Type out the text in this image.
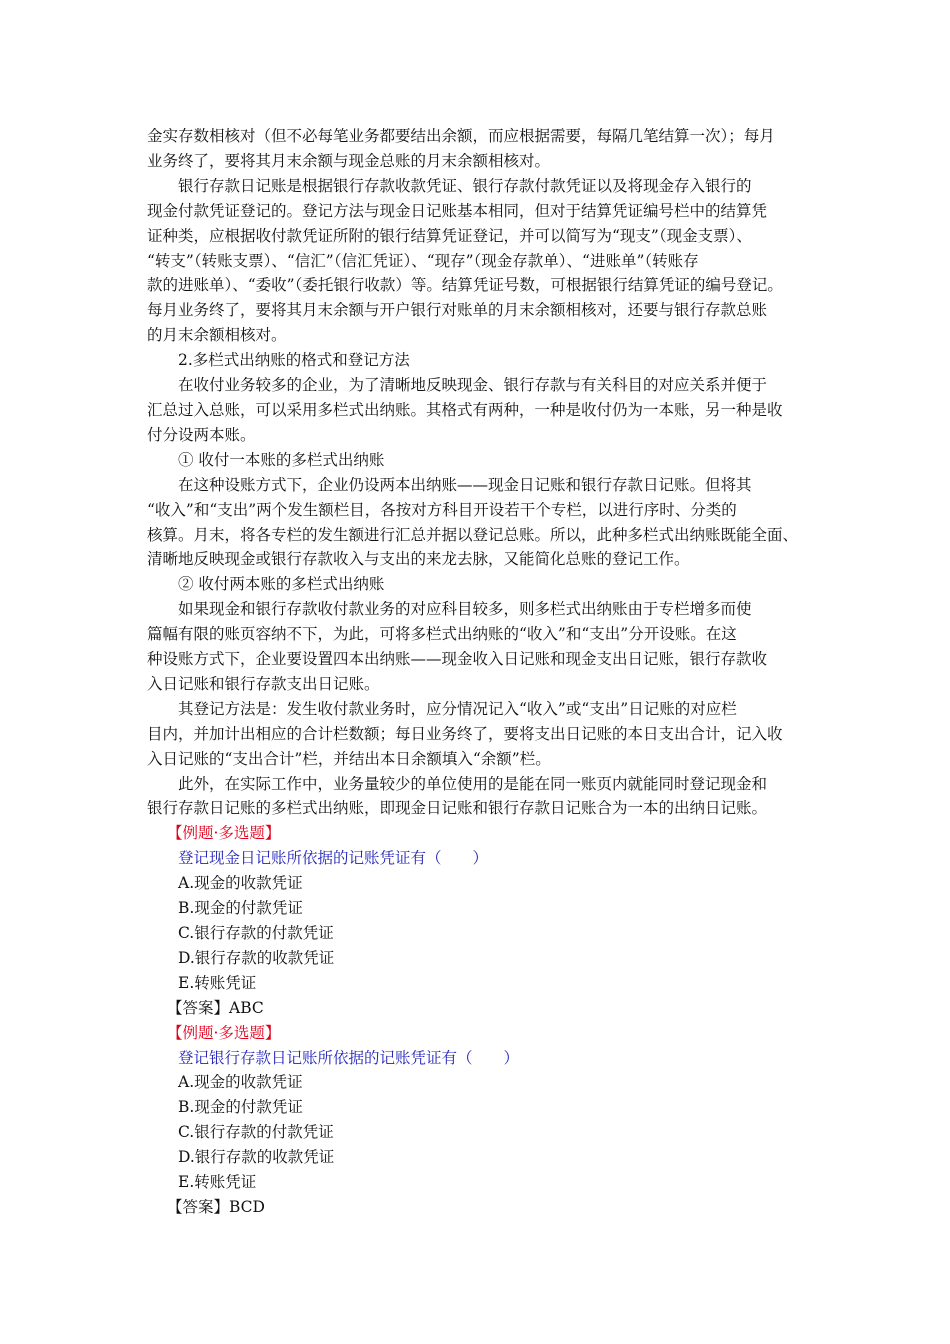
金实存数相核对（但不必每笔业务都要结出余额，而应根据需要，每隔几笔结算一次）；每月

业务终了，要将其月末余额与现金总账的月末余额相核对。

银行存款日记账是根据银行存款收款凭证、银行存款付款凭证以及将现金存入银行的

现金付款凭证登记的。登记方法与现金日记账基本相同，但对于结算凭证编号栏中的结算凭

证种类，应根据收付款凭证所附的银行结算凭证登记，并可以简写为“现支”（现金支票）、

“转支”（转账支票）、“信汇”（信汇凭证）、“现存”（现金存款单）、“进账单”（转账存

款的进账单）、“委收”（委托银行收款）等。结算凭证号数，可根据银行结算凭证的编号登记。

每月业务终了，要将其月末余额与开户银行对账单的月末余额相核对，还要与银行存款总账

的月末余额相核对。

2.多栏式出纳账的格式和登记方法

在收付业务较多的企业，为了清晰地反映现金、银行存款与有关科目的对应关系并便于

汇总过入总账，可以采用多栏式出纳账。其格式有两种，一种是收付仍为一本账，另一种是收

付分设两本账。

① 收付一本账的多栏式出纳账

在这种设账方式下，企业仍设两本出纳账——现金日记账和银行存款日记账。但将其

“收入”和“支出”两个发生额栏目，各按对方科目开设若干个专栏，以进行序时、分类的

核算。月末，将各专栏的发生额进行汇总并据以登记总账。所以，此种多栏式出纳账既能全面、

清晰地反映现金或银行存款收入与支出的来龙去脉，又能简化总账的登记工作。

② 收付两本账的多栏式出纳账

如果现金和银行存款收付款业务的对应科目较多，则多栏式出纳账由于专栏增多而使

篇幅有限的账页容纳不下，为此，可将多栏式出纳账的“收入”和“支出”分开设账。在这

种设账方式下，企业要设置四本出纳账——现金收入日记账和现金支出日记账，银行存款收

入日记账和银行存款支出日记账。

其登记方法是：发生收付款业务时，应分情况记入“收入”或“支出”日记账的对应栏

目内，并加计出相应的合计栏数额；每日业务终了，要将支出日记账的本日支出合计，记入收

入日记账的“支出合计”栏，并结出本日余额填入“余额”栏。

此外，在实际工作中，业务量较少的单位使用的是能在同一账页内就能同时登记现金和

银行存款日记账的多栏式出纳账，即现金日记账和银行存款日记账合为一本的出纳日记账。

【例题·多选题】

登记现金日记账所依据的记账凭证有（　　）

A.现金的收款凭证

B.现金的付款凭证

C.银行存款的付款凭证

D.银行存款的收款凭证

E.转账凭证

【答案】ABC

【例题·多选题】

登记银行存款日记账所依据的记账凭证有（　　）

A.现金的收款凭证

B.现金的付款凭证

C.银行存款的付款凭证

D.银行存款的收款凭证

E.转账凭证

【答案】BCD
